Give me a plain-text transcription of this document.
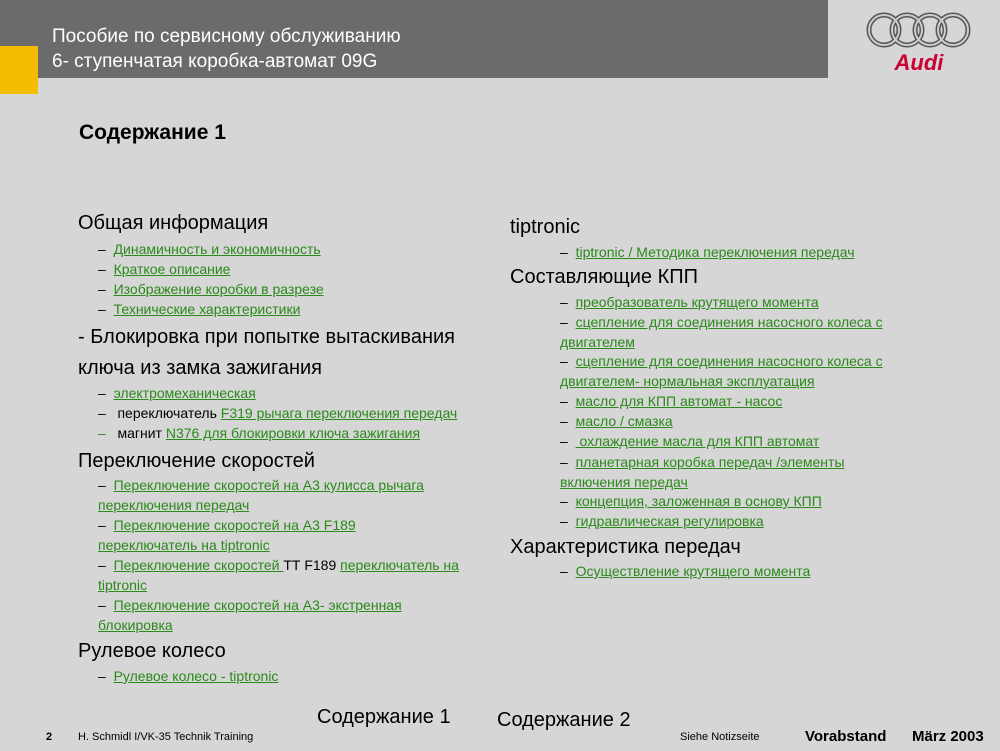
Пособие по сервисному обслуживанию
6- ступенчатая коробка-автомат 09G	Audi
Содержание 1
Общая информация
–  Динамичность и экономичность
–  Краткое описание
–  Изображение коробки в разрезе
–  Технические характеристики
- Блокировка при попытке вытаскивания
ключа из замка зажигания
–  электромеханическая
–   переключатель F319 рычага переключения передач
–   магнит N376 для блокировки ключа зажигания
Переключение скоростей
–  Переключение скоростей на А3 кулисса рычага
переключения передач
–  Переключение скоростей на А3 F189
переключатель на tiptronic
–  Переключение скоростей ТТ F189 переключатель на
tiptronic
–  Переключение скоростей на А3- экстренная
блокировка
Рулевое колесо
–  Рулевое колесо - tiptronic
tiptronic
–  tiptronic / Методика переключения передач
Составляющие КПП
–  преобразователь крутящего момента
–  сцепление для соединения насосного колеса с
двигателем
–  сцепление для соединения насосного колеса с
двигателем- нормальная эксплуатация
–  масло для КПП автомат - насос
–  масло / смазка
–   охлаждение масла для КПП автомат
–  планетарная коробка передач /элементы
включения передач
–  концепция, заложенная в основу КПП
–  гидравлическая регулировка
Характеристика передач
–  Осуществление крутящего момента
Содержание 1 Содержание 2
2 H. Schmidl I/VK-35 Technik Training	Siehe Notizseite	Vorabstand März 2003
